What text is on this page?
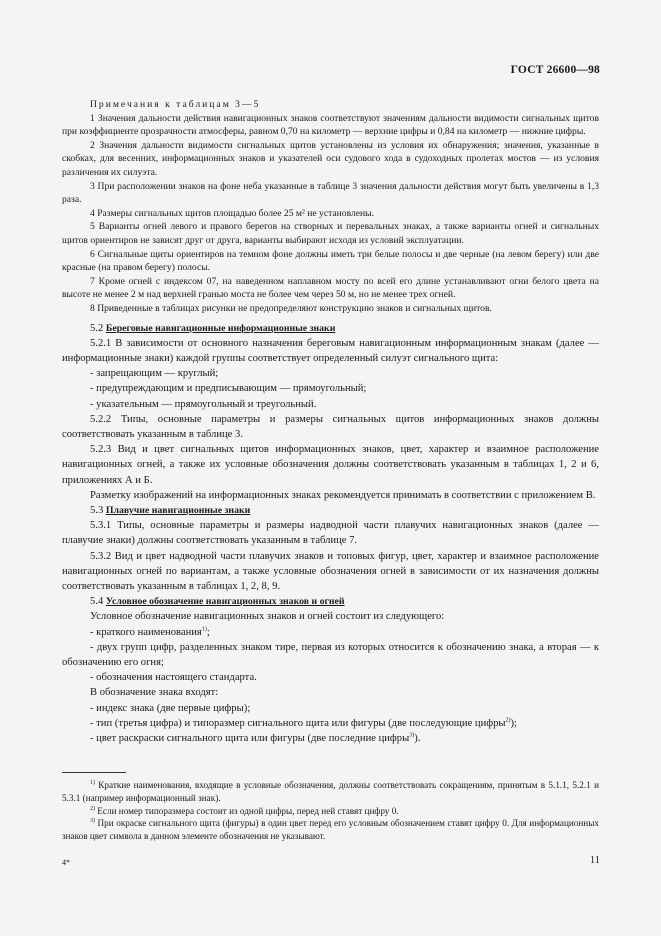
ГОСТ 26600—98

Примечания к таблицам 3—5

1 Значения дальности действия навигационных знаков соответствуют значениям дальности видимости сигнальных щитов при коэффициенте прозрачности атмосферы, равном 0,70 на километр — верхние цифры и 0,84 на километр — нижние цифры.

2 Значения дальности видимости сигнальных щитов установлены из условия их обнаружения; значения, указанные в скобках, для весенних, информационных знаков и указателей оси судового хода в судоходных пролетах мостов — из условия различения их силуэта.

3 При расположении знаков на фоне неба указанные в таблице 3 значения дальности действия могут быть увеличены в 1,3 раза.

4 Размеры сигнальных щитов площадью более 25 м² не установлены.

5 Варианты огней левого и правого берегов на створных и перевальных знаках, а также варианты огней и сигнальных щитов ориентиров не зависят друг от друга, варианты выбирают исходя из условий эксплуатации.

6 Сигнальные щиты ориентиров на темном фоне должны иметь три белые полосы и две черные (на левом берегу) или две красные (на правом берегу) полосы.

7 Кроме огней с индексом 07, на наведенном наплавном мосту по всей его длине устанавливают огни белого цвета на высоте не менее 2 м над верхней гранью моста не более чем через 50 м, но не менее трех огней.

8 Приведенные в таблицах рисунки не предопределяют конструкцию знаков и сигнальных щитов.

5.2 Береговые навигационные информационные знаки

5.2.1 В зависимости от основного назначения береговым навигационным информационным знакам (далее — информационные знаки) каждой группы соответствует определенный силуэт сигнального щита:

- запрещающим — круглый;

- предупреждающим и предписывающим — прямоугольный;

- указательным — прямоугольный и треугольный.

5.2.2 Типы, основные параметры и размеры сигнальных щитов информационных знаков должны соответствовать указанным в таблице 3.

5.2.3 Вид и цвет сигнальных щитов информационных знаков, цвет, характер и взаимное расположение навигационных огней, а также их условные обозначения должны соответствовать указанным в таблицах 1, 2 и 6, приложениях А и Б.

Разметку изображений на информационных знаках рекомендуется принимать в соответствии с приложением В.

5.3 Плавучие навигационные знаки

5.3.1 Типы, основные параметры и размеры надводной части плавучих навигационных знаков (далее — плавучие знаки) должны соответствовать указанным в таблице 7.

5.3.2 Вид и цвет надводной части плавучих знаков и топовых фигур, цвет, характер и взаимное расположение навигационных огней по вариантам, а также условные обозначения огней в зависимости от их назначения должны соответствовать указанным в таблицах 1, 2, 8, 9.

5.4 Условное обозначение навигационных знаков и огней

Условное обозначение навигационных знаков и огней состоит из следующего:

- краткого наименования$^{1)}$;

- двух групп цифр, разделенных знаком тире, первая из которых относится к обозначению знака, а вторая — к обозначению его огня;

- обозначения настоящего стандарта.

В обозначение знака входят:

- индекс знака (две первые цифры);

- тип (третья цифра) и типоразмер сигнального щита или фигуры (две последующие цифры$^{2)}$);

- цвет раскраски сигнального щита или фигуры (две последние цифры$^{3)}$).

$^{1)}$ Краткие наименования, входящие в условные обозначения, должны соответствовать сокращениям, принятым в 5.1.1, 5.2.1 и 5.3.1 (например информационный знак).

$^{2)}$ Если номер типоразмера состоит из одной цифры, перед ней ставят цифру 0.

$^{3)}$ При окраске сигнального щита (фигуры) в один цвет перед его условным обозначением ставят цифру 0. Для информационных знаков цвет символа в данном элементе обозначения не указывают.

4*	11
